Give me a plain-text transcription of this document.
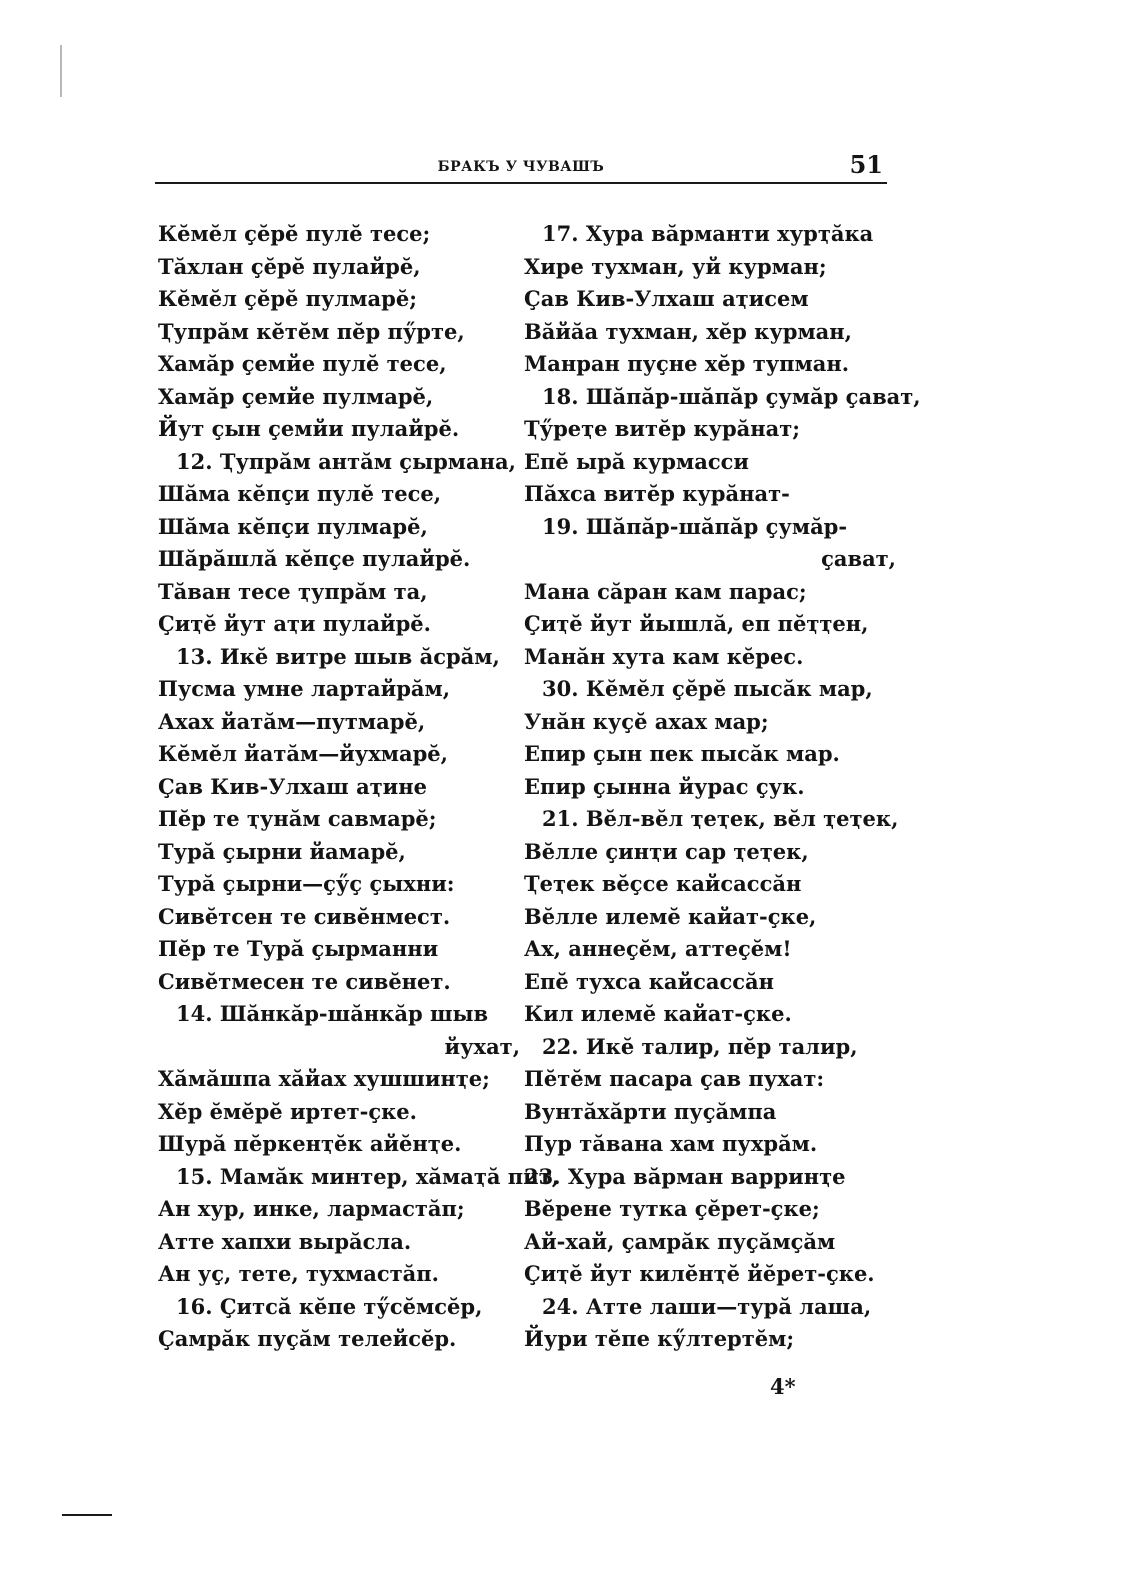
БРАКЪ У ЧУВАШЪ	51
Кӗмӗл ҫӗрӗ пулӗ тесе;
Тӑхлан ҫӗрӗ пулайрӗ,
Кӗмӗл ҫӗрӗ пулмарӗ;
Ҭупрӑм кӗтӗм пӗр пӳрте,
Хамӑр ҫемйе пулӗ тесе,
Хамӑр ҫемйе пулмарӗ,
Йут ҫын ҫемйи пулайрӗ.
12. Ҭупрӑм антӑм ҫырмана,
Шӑма кӗпҫи пулӗ тесе,
Шӑма кӗпҫи пулмарӗ,
Шӑрӑшлӑ кӗпҫе пулайрӗ.
Тӑван тесе ҭупрӑм та,
Ҫиҭӗ йут аҭи пулайрӗ.
13. Икӗ витре шыв ӑсрӑм,
Пусма умне лартайрӑм,
Ахах йатӑм—путмарӗ,
Кӗмӗл йатӑм—йухмарӗ,
Ҫав Кив-Улхаш аҭине
Пӗр те ҭунӑм савмарӗ;
Турӑ ҫырни йамарӗ,
Турӑ ҫырни—ҫӳҫ ҫыхни:
Сивӗтсен те сивӗнмест.
Пӗр те Турӑ ҫырманни
Сивӗтмесен те сивӗнет.
14. Шӑнкӑр-шӑнкӑр шыв
йухат,
Хӑмӑшпа хӑйах хушшинҭе;
Хӗр ӗмӗрӗ иртет-ҫке.
Шурӑ пӗркенҭӗк айӗнҭе.
15. Мамӑк минтер, хӑмаҭӑ пит,
Ан хур, инке, лармастӑп;
Атте хапхи вырӑсла.
Ан уҫ, тете, тухмастӑп.
16. Ҫитсӑ кӗпе тӳсӗмсӗр,
Ҫамрӑк пуҫӑм телейсӗр.
17. Хура вӑрманти хурҭӑка
Хире тухман, уй курман;
Ҫав Кив-Улхаш аҭисем
Вӑйӑа тухман, хӗр курман,
Манран пуҫне хӗр тупман.
18. Шӑпӑр-шӑпӑр ҫумӑр ҫават,
Ҭӳреҭе витӗр курӑнат;
Епӗ ырӑ курмасси
Пӑхса витӗр курӑнат-
19. Шӑпӑр-шӑпӑр ҫумӑр-
ҫават,
Мана сӑран кам парас;
Ҫиҭӗ йут йышлӑ, еп пӗҭҭен,
Манӑн хута кам кӗрес.
30. Кӗмӗл ҫӗрӗ пысӑк мар,
Унӑн куҫӗ ахах мар;
Епир ҫын пек пысӑк мар.
Епир ҫынна йурас ҫук.
21. Вӗл-вӗл ҭеҭек, вӗл ҭеҭек,
Вӗлле ҫинҭи сар ҭеҭек,
Ҭеҭек вӗҫсе кайсассӑн
Вӗлле илемӗ кайат-ҫке,
Ах, аннеҫӗм, аттеҫӗм!
Епӗ тухса кайсассӑн
Кил илемӗ кайат-ҫке.
22. Икӗ талир, пӗр талир,
Пӗтӗм пасара ҫав пухат:
Вунтӑхӑрти пуҫӑмпа
Пур тӑвана хам пухрӑм.
23. Хура вӑрман варринҭе
Вӗрене тутка ҫӗрет-ҫке;
Ай-хай, ҫамрӑк пуҫӑмҫӑм
Ҫиҭӗ йут килӗнҭӗ йӗрет-ҫке.
24. Атте лаши—турӑ лаша,
Йури тӗпе кӳлтертӗм;
4*
